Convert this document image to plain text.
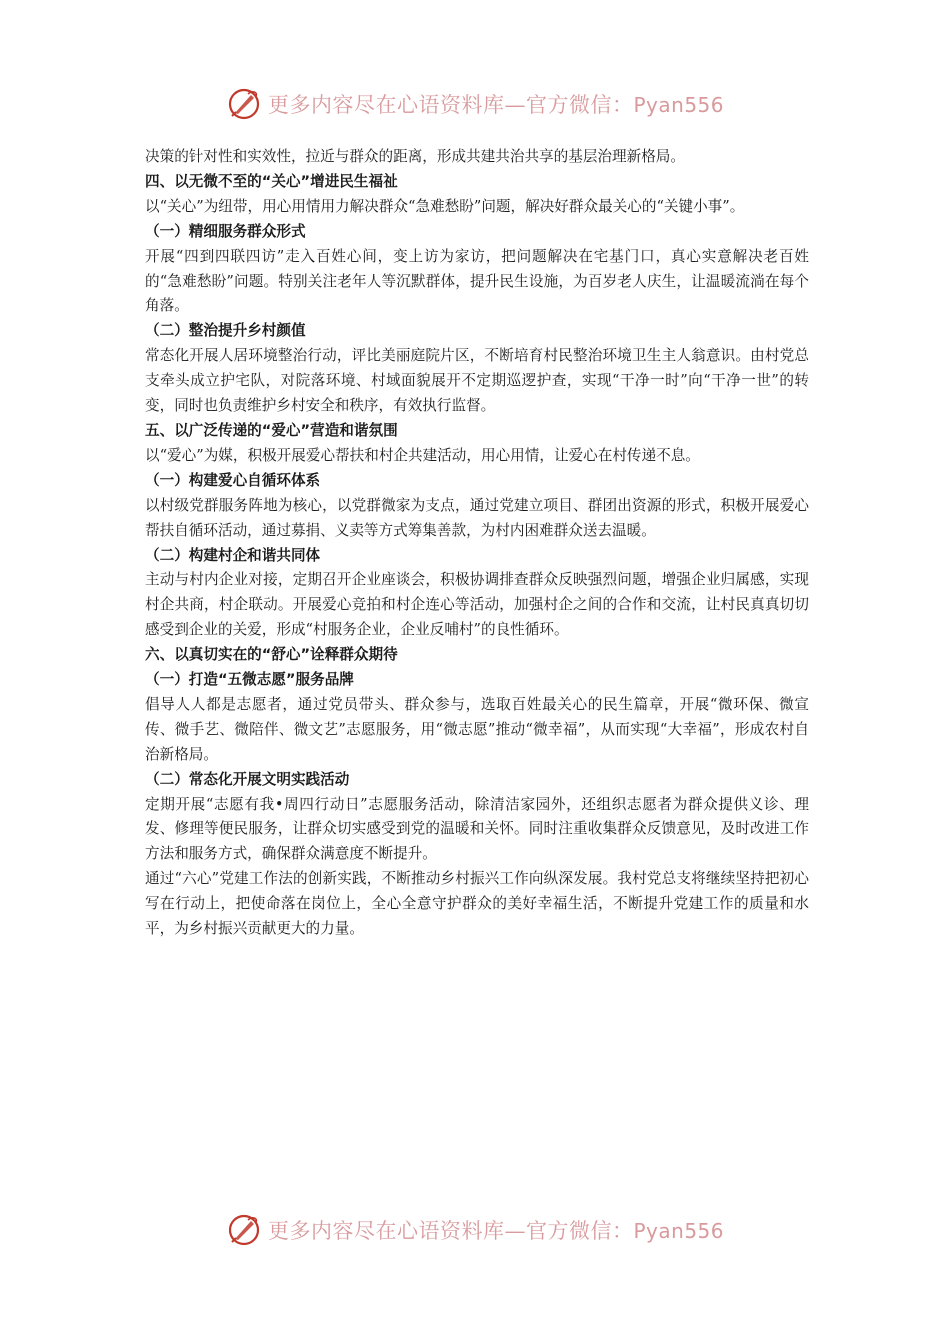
更多内容尽在心语资料库—官方微信：Pyan556

决策的针对性和实效性，拉近与群众的距离，形成共建共治共享的基层治理新格局。

四、以无微不至的“关心”增进民生福祉

以“关心”为纽带，用心用情用力解决群众“急难愁盼”问题，解决好群众最关心的“关键小事”。

（一）精细服务群众形式

开展“四到四联四访”走入百姓心间，变上访为家访，把问题解决在宅基门口，真心实意解决老百姓的“急难愁盼”问题。特别关注老年人等沉默群体，提升民生设施，为百岁老人庆生，让温暖流淌在每个角落。

（二）整治提升乡村颜值

常态化开展人居环境整治行动，评比美丽庭院片区，不断培育村民整治环境卫生主人翁意识。由村党总支牵头成立护宅队，对院落环境、村域面貌展开不定期巡逻护查，实现“干净一时”向“干净一世”的转变，同时也负责维护乡村安全和秩序，有效执行监督。

五、以广泛传递的“爱心”营造和谐氛围

以“爱心”为媒，积极开展爱心帮扶和村企共建活动，用心用情，让爱心在村传递不息。

（一）构建爱心自循环体系

以村级党群服务阵地为核心，以党群微家为支点，通过党建立项目、群团出资源的形式，积极开展爱心帮扶自循环活动，通过募捐、义卖等方式筹集善款，为村内困难群众送去温暖。

（二）构建村企和谐共同体

主动与村内企业对接，定期召开企业座谈会，积极协调排查群众反映强烈问题，增强企业归属感，实现村企共商，村企联动。开展爱心竞拍和村企连心等活动，加强村企之间的合作和交流，让村民真真切切感受到企业的关爱，形成“村服务企业，企业反哺村”的良性循环。

六、以真切实在的“舒心”诠释群众期待

（一）打造“五微志愿”服务品牌

倡导人人都是志愿者，通过党员带头、群众参与，选取百姓最关心的民生篇章，开展“微环保、微宣传、微手艺、微陪伴、微文艺”志愿服务，用“微志愿”推动“微幸福”，从而实现“大幸福”，形成农村自治新格局。

（二）常态化开展文明实践活动

定期开展“志愿有我•周四行动日”志愿服务活动，除清洁家园外，还组织志愿者为群众提供义诊、理发、修理等便民服务，让群众切实感受到党的温暖和关怀。同时注重收集群众反馈意见，及时改进工作方法和服务方式，确保群众满意度不断提升。

通过“六心”党建工作法的创新实践，不断推动乡村振兴工作向纵深发展。我村党总支将继续坚持把初心写在行动上，把使命落在岗位上，全心全意守护群众的美好幸福生活，不断提升党建工作的质量和水平，为乡村振兴贡献更大的力量。

更多内容尽在心语资料库—官方微信：Pyan556
